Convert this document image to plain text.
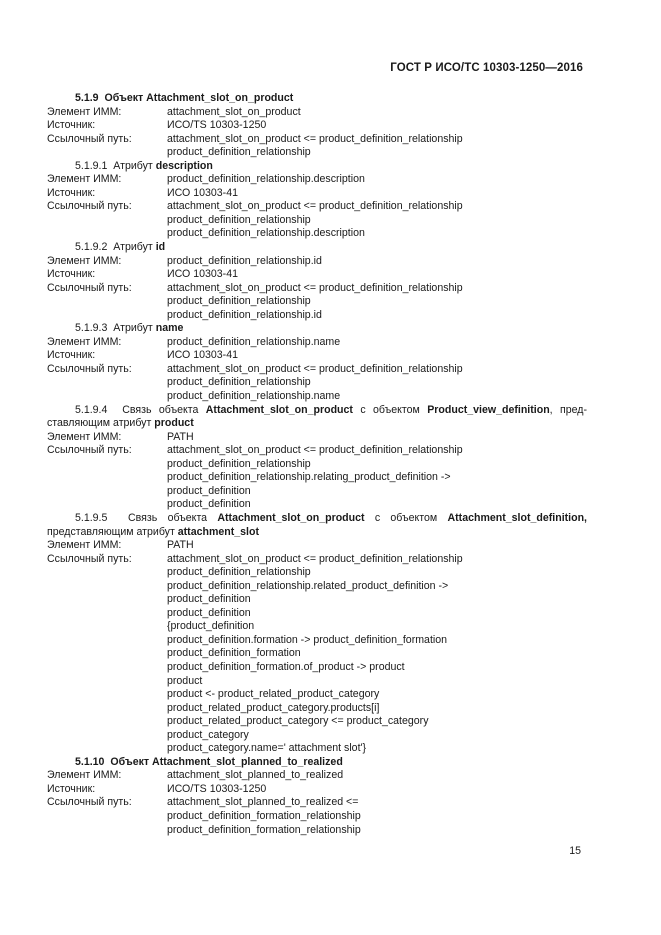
ГОСТ Р ИСО/ТС 10303-1250—2016
5.1.9 Объект Attachment_slot_on_product
Элемент ИММ:	attachment_slot_on_product
Источник:	ИСО/TS 10303-1250
Ссылочный путь:	attachment_slot_on_product <= product_definition_relationship
product_definition_relationship
5.1.9.1 Атрибут description
Элемент ИММ:	product_definition_relationship.description
Источник:	ИСО 10303-41
Ссылочный путь:	attachment_slot_on_product <= product_definition_relationship
product_definition_relationship
product_definition_relationship.description
5.1.9.2 Атрибут id
Элемент ИММ:	product_definition_relationship.id
Источник:	ИСО 10303-41
Ссылочный путь:	attachment_slot_on_product <= product_definition_relationship
product_definition_relationship
product_definition_relationship.id
5.1.9.3 Атрибут name
Элемент ИММ:	product_definition_relationship.name
Источник:	ИСО 10303-41
Ссылочный путь:	attachment_slot_on_product <= product_definition_relationship
product_definition_relationship
product_definition_relationship.name
5.1.9.4 Связь объекта Attachment_slot_on_product с объектом Product_view_definition, пред-ставляющим атрибут product
Элемент ИММ:	PATH
Ссылочный путь:	attachment_slot_on_product <= product_definition_relationship
product_definition_relationship
product_definition_relationship.relating_product_definition ->
product_definition
product_definition
5.1.9.5 Связь объекта Attachment_slot_on_product с объектом Attachment_slot_definition, представляющим атрибут attachment_slot
Элемент ИММ:	PATH
Ссылочный путь:	attachment_slot_on_product <= product_definition_relationship
product_definition_relationship
product_definition_relationship.related_product_definition ->
product_definition
product_definition
{product_definition
product_definition.formation -> product_definition_formation
product_definition_formation
product_definition_formation.of_product -> product
product
product <- product_related_product_category
product_related_product_category.products[i]
product_related_product_category <= product_category
product_category
product_category.name=' attachment slot'}
5.1.10 Объект Attachment_slot_planned_to_realized
Элемент ИММ:	attachment_slot_planned_to_realized
Источник:	ИСО/TS 10303-1250
Ссылочный путь:	attachment_slot_planned_to_realized <=
product_definition_formation_relationship
product_definition_formation_relationship
15
